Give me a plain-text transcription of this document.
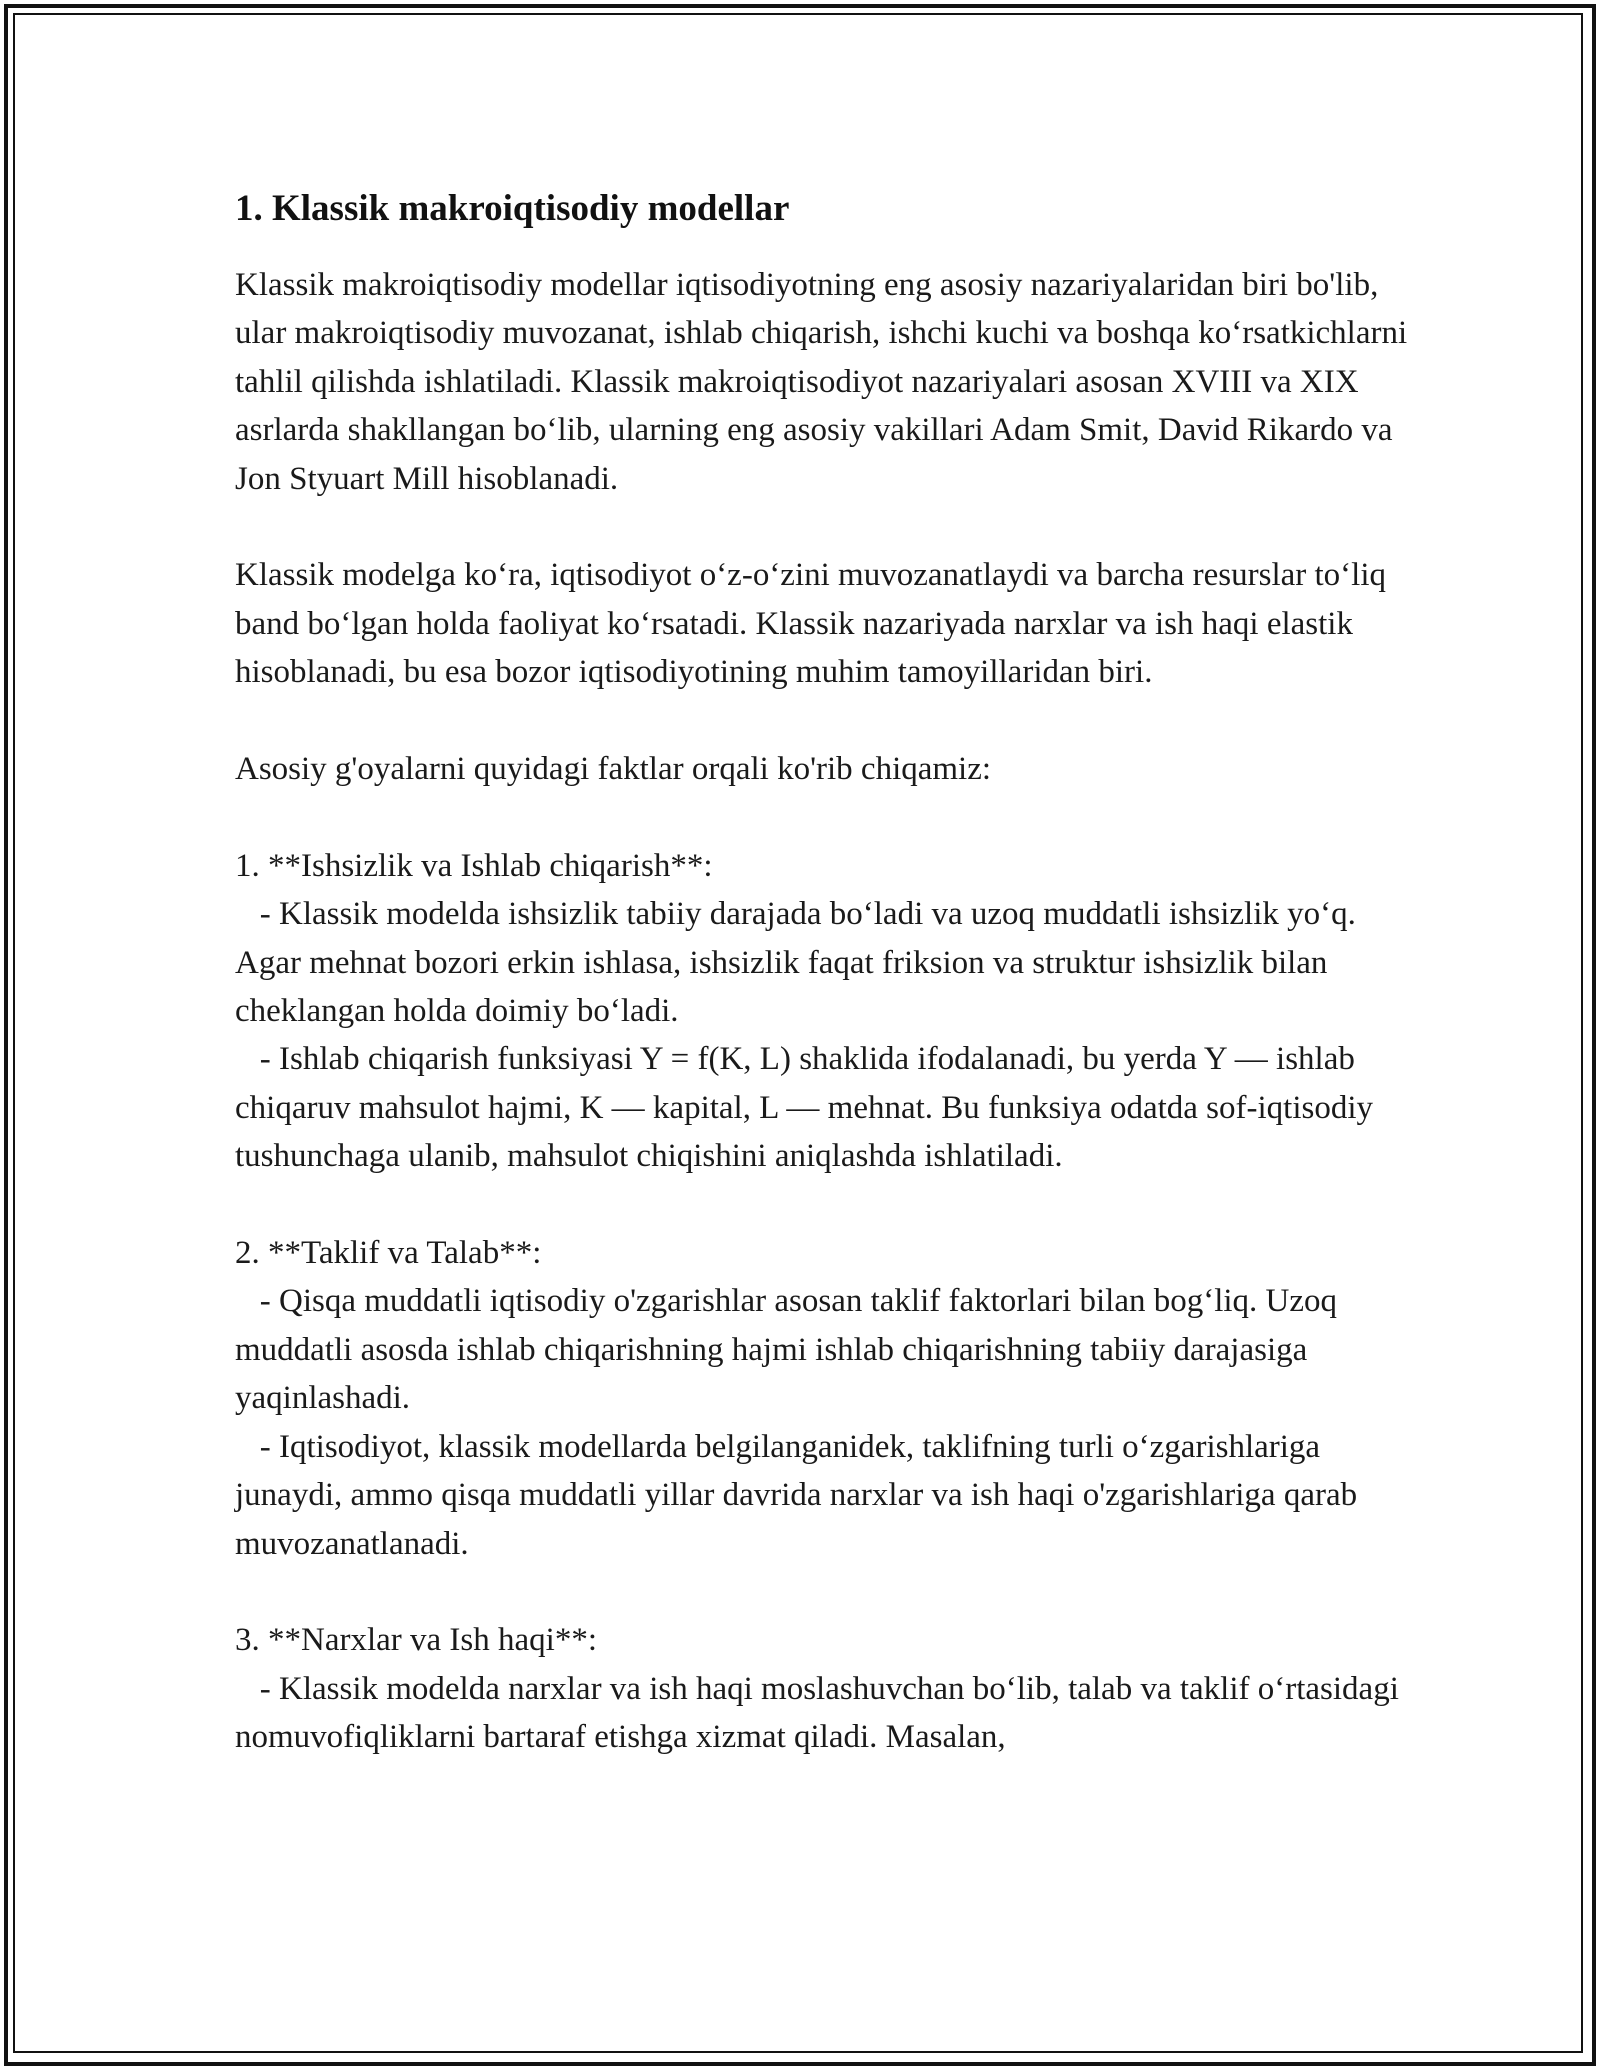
1. Klassik makroiqtisodiy modellar

Klassik makroiqtisodiy modellar iqtisodiyotning eng asosiy nazariyalaridan biri bo'lib, ular makroiqtisodiy muvozanat, ishlab chiqarish, ishchi kuchi va boshqa ko‘rsatkichlarni tahlil qilishda ishlatiladi. Klassik makroiqtisodiyot nazariyalari asosan XVIII va XIX asrlarda shakllangan bo‘lib, ularning eng asosiy vakillari Adam Smit, David Rikardo va Jon Styuart Mill hisoblanadi.

Klassik modelga ko‘ra, iqtisodiyot o‘z-o‘zini muvozanatlaydi va barcha resurslar to‘liq band bo‘lgan holda faoliyat ko‘rsatadi. Klassik nazariyada narxlar va ish haqi elastik hisoblanadi, bu esa bozor iqtisodiyotining muhim tamoyillaridan biri.

Asosiy g'oyalarni quyidagi faktlar orqali ko'rib chiqamiz:

1. **Ishsizlik va Ishlab chiqarish**:

- Klassik modelda ishsizlik tabiiy darajada bo‘ladi va uzoq muddatli ishsizlik yo‘q. Agar mehnat bozori erkin ishlasa, ishsizlik faqat friksion va struktur ishsizlik bilan cheklangan holda doimiy bo‘ladi.

- Ishlab chiqarish funksiyasi Y = f(K, L) shaklida ifodalanadi, bu yerda Y — ishlab chiqaruv mahsulot hajmi, K — kapital, L — mehnat. Bu funksiya odatda sof-iqtisodiy tushunchaga ulanib, mahsulot chiqishini aniqlashda ishlatiladi.

2. **Taklif va Talab**:

- Qisqa muddatli iqtisodiy o'zgarishlar asosan taklif faktorlari bilan bog‘liq. Uzoq muddatli asosda ishlab chiqarishning hajmi ishlab chiqarishning tabiiy darajasiga yaqinlashadi.

- Iqtisodiyot, klassik modellarda belgilanganidek, taklifning turli o‘zgarishlariga junaydi, ammo qisqa muddatli yillar davrida narxlar va ish haqi o'zgarishlariga qarab muvozanatlanadi.

3. **Narxlar va Ish haqi**:

- Klassik modelda narxlar va ish haqi moslashuvchan bo‘lib, talab va taklif o‘rtasidagi nomuvofiqliklarni bartaraf etishga xizmat qiladi. Masalan,
